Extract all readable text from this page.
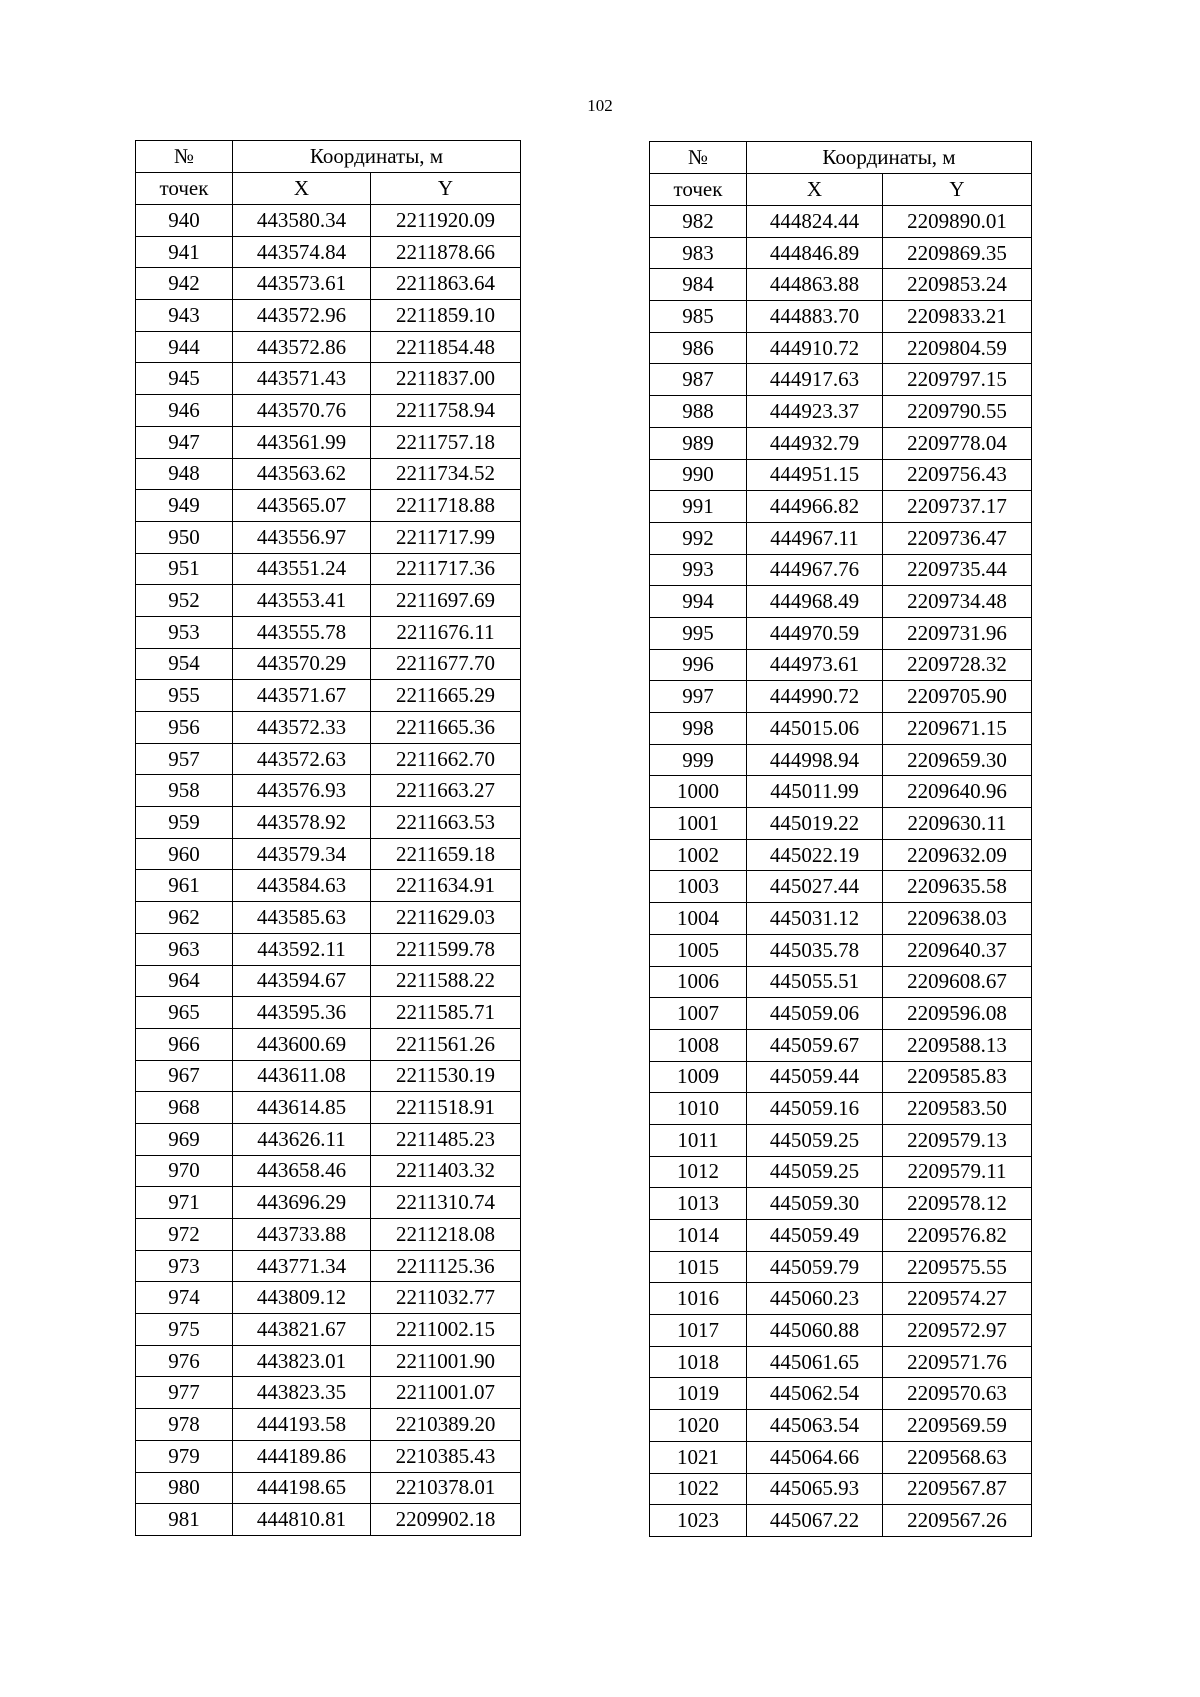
102
№	Координаты, м	
точек	X	Y
940	443580.34	2211920.09
941	443574.84	2211878.66
942	443573.61	2211863.64
943	443572.96	2211859.10
944	443572.86	2211854.48
945	443571.43	2211837.00
946	443570.76	2211758.94
947	443561.99	2211757.18
948	443563.62	2211734.52
949	443565.07	2211718.88
950	443556.97	2211717.99
951	443551.24	2211717.36
952	443553.41	2211697.69
953	443555.78	2211676.11
954	443570.29	2211677.70
955	443571.67	2211665.29
956	443572.33	2211665.36
957	443572.63	2211662.70
958	443576.93	2211663.27
959	443578.92	2211663.53
960	443579.34	2211659.18
961	443584.63	2211634.91
962	443585.63	2211629.03
963	443592.11	2211599.78
964	443594.67	2211588.22
965	443595.36	2211585.71
966	443600.69	2211561.26
967	443611.08	2211530.19
968	443614.85	2211518.91
969	443626.11	2211485.23
970	443658.46	2211403.32
971	443696.29	2211310.74
972	443733.88	2211218.08
973	443771.34	2211125.36
974	443809.12	2211032.77
975	443821.67	2211002.15
976	443823.01	2211001.90
977	443823.35	2211001.07
978	444193.58	2210389.20
979	444189.86	2210385.43
980	444198.65	2210378.01
981	444810.81	2209902.18
№	Координаты, м	
точек	X	Y
982	444824.44	2209890.01
983	444846.89	2209869.35
984	444863.88	2209853.24
985	444883.70	2209833.21
986	444910.72	2209804.59
987	444917.63	2209797.15
988	444923.37	2209790.55
989	444932.79	2209778.04
990	444951.15	2209756.43
991	444966.82	2209737.17
992	444967.11	2209736.47
993	444967.76	2209735.44
994	444968.49	2209734.48
995	444970.59	2209731.96
996	444973.61	2209728.32
997	444990.72	2209705.90
998	445015.06	2209671.15
999	444998.94	2209659.30
1000	445011.99	2209640.96
1001	445019.22	2209630.11
1002	445022.19	2209632.09
1003	445027.44	2209635.58
1004	445031.12	2209638.03
1005	445035.78	2209640.37
1006	445055.51	2209608.67
1007	445059.06	2209596.08
1008	445059.67	2209588.13
1009	445059.44	2209585.83
1010	445059.16	2209583.50
1011	445059.25	2209579.13
1012	445059.25	2209579.11
1013	445059.30	2209578.12
1014	445059.49	2209576.82
1015	445059.79	2209575.55
1016	445060.23	2209574.27
1017	445060.88	2209572.97
1018	445061.65	2209571.76
1019	445062.54	2209570.63
1020	445063.54	2209569.59
1021	445064.66	2209568.63
1022	445065.93	2209567.87
1023	445067.22	2209567.26
